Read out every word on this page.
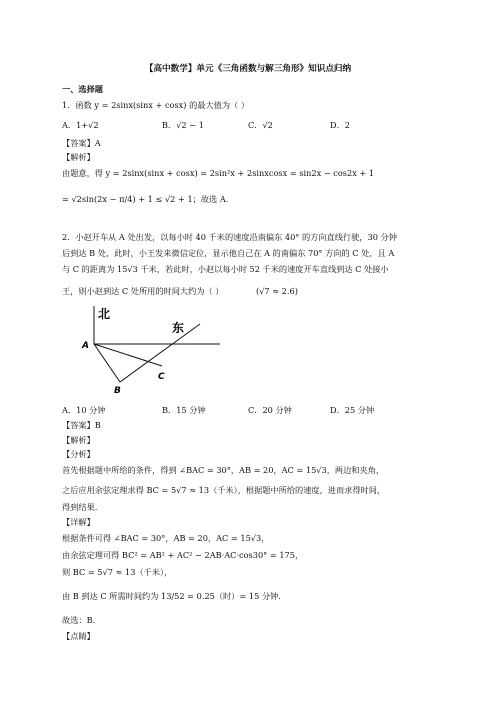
【高中数学】单元《三角函数与解三角形》知识点归纳
一、选择题
1．函数 y = 2sinx(sinx + cosx) 的最大值为（ ）
A．1+√2	B．√2 − 1	C．√2	D．2
【答案】A
【解析】
由题意，得 y = 2sinx(sinx + cosx) = 2sin²x + 2sinxcosx = sin2x − cos2x + 1
= √2sin(2x − π/4) + 1 ≤ √2 + 1；故选 A.
2．小赵开车从 A 处出发，以每小时 40 千米的速度沿南偏东 40° 的方向直线行驶，30 分钟
后到达 B 处，此时，小王发来微信定位，显示他自己在 A 的南偏东 70° 方向的 C 处，且 A
与 C 的距离为 15√3 千米，若此时，小赵以每小时 52 千米的速度开车直线到达 C 处接小
王，则小赵到达 C 处所用的时间大约为（ ）	(√7 ≈ 2.6)
北
东
A
B
C
A．10 分钟	B．15 分钟	C．20 分钟	D．25 分钟
【答案】B
【解析】
【分析】
首先根据题中所给的条件，得到 ∠BAC = 30°，AB = 20，AC = 15√3，两边和夹角，
之后应用余弦定理求得 BC = 5√7 ≈ 13（千米），根据题中所给的速度，进而求得时间，
得到结果.
【详解】
根据条件可得 ∠BAC = 30°，AB = 20，AC = 15√3，
由余弦定理可得 BC² = AB² + AC² − 2AB·AC·cos30° = 175，
则 BC = 5√7 ≈ 13（千米），
由 B 到达 C 所需时间约为 13/52 = 0.25（时）= 15 分钟.
故选：B.
【点睛】
